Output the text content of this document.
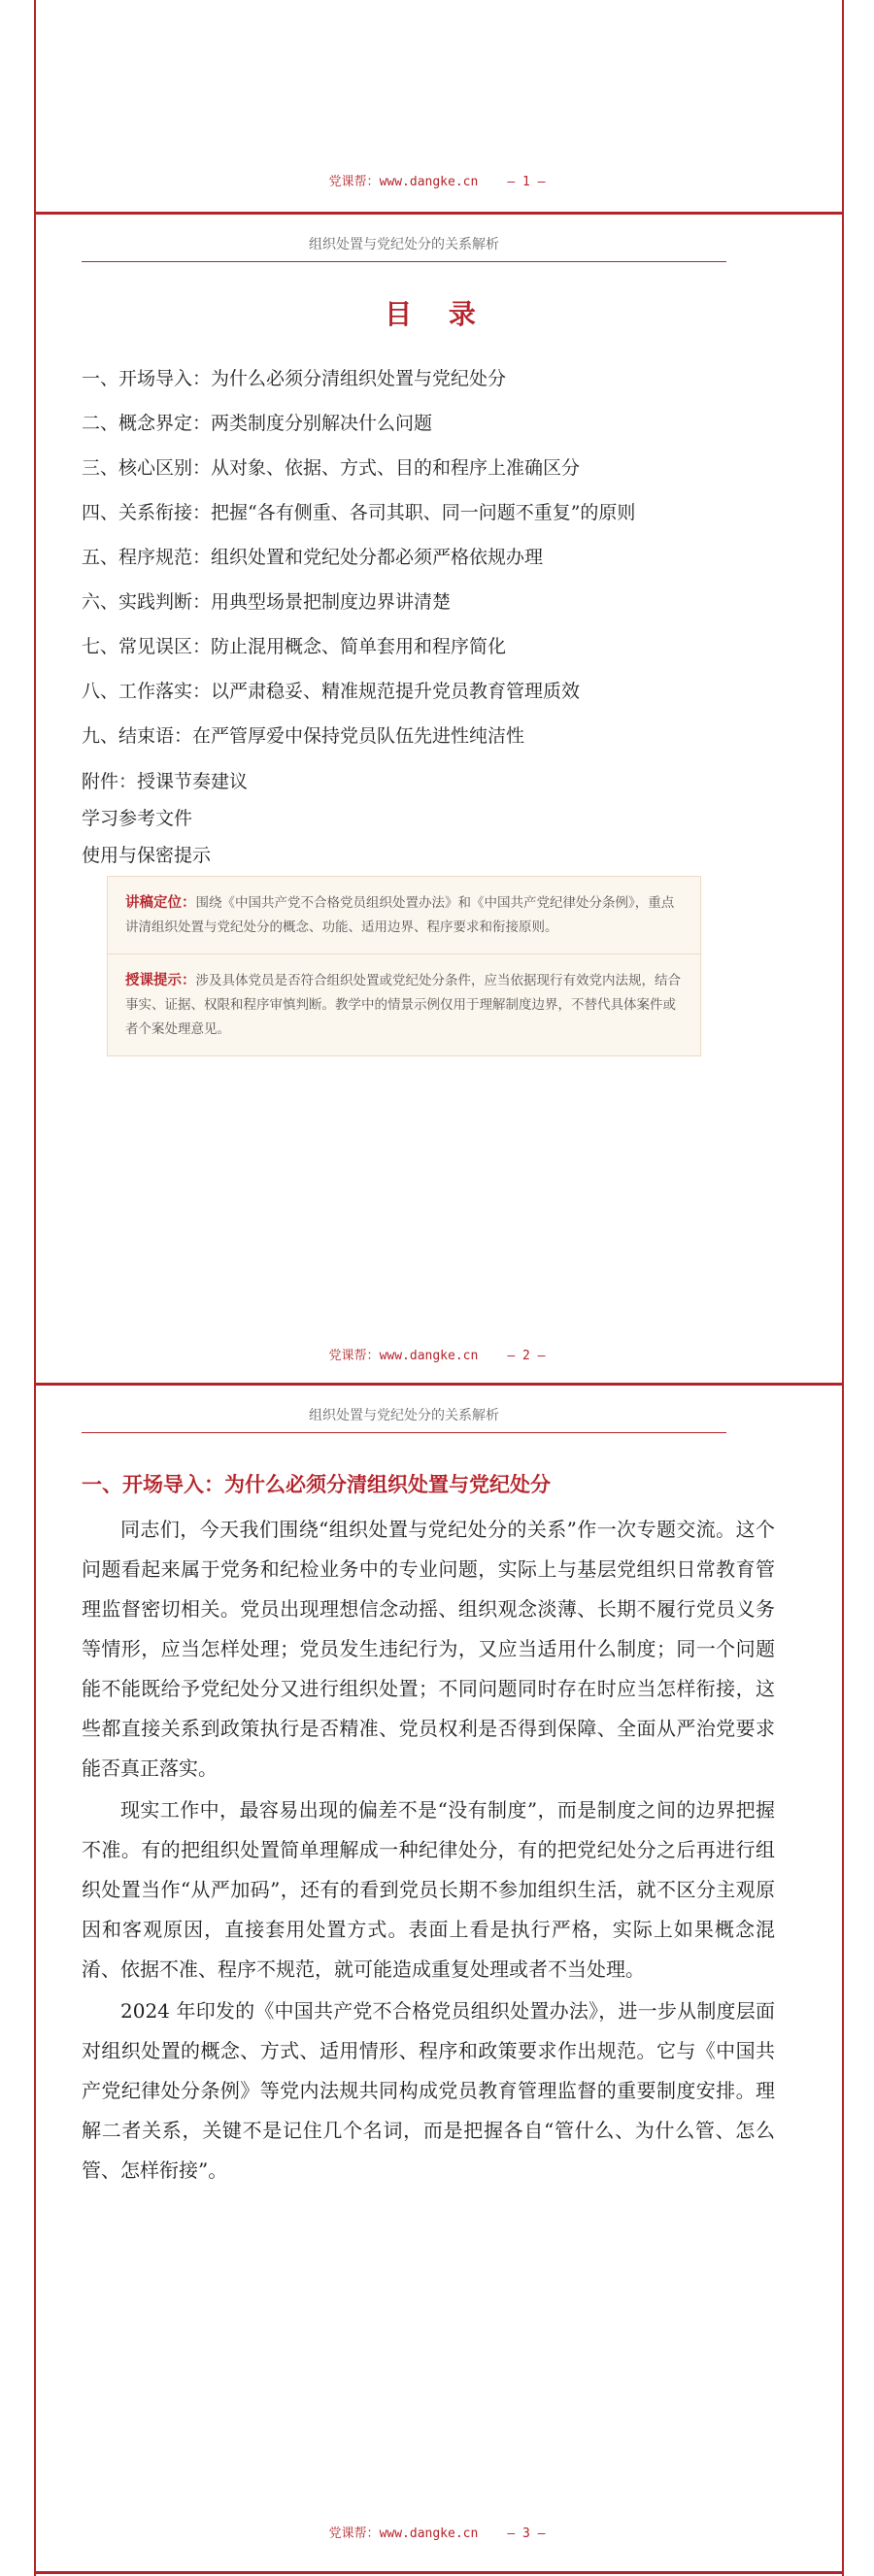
党课帮：www.dangke.cn — 1 —
组织处置与党纪处分的关系解析
目 录
一、开场导入：为什么必须分清组织处置与党纪处分
二、概念界定：两类制度分别解决什么问题
三、核心区别：从对象、依据、方式、目的和程序上准确区分
四、关系衔接：把握“各有侧重、各司其职、同一问题不重复”的原则
五、程序规范：组织处置和党纪处分都必须严格依规办理
六、实践判断：用典型场景把制度边界讲清楚
七、常见误区：防止混用概念、简单套用和程序简化
八、工作落实：以严肃稳妥、精准规范提升党员教育管理质效
九、结束语：在严管厚爱中保持党员队伍先进性纯洁性
附件：授课节奏建议
学习参考文件
使用与保密提示
讲稿定位：围绕《中国共产党不合格党员组织处置办法》和《中国共产党纪律处分条例》，重点讲清组织处置与党纪处分的概念、功能、适用边界、程序要求和衔接原则。
授课提示：涉及具体党员是否符合组织处置或党纪处分条件，应当依据现行有效党内法规，结合事实、证据、权限和程序审慎判断。教学中的情景示例仅用于理解制度边界，不替代具体案件或者个案处理意见。
党课帮：www.dangke.cn — 2 —
组织处置与党纪处分的关系解析
一、开场导入：为什么必须分清组织处置与党纪处分

同志们，今天我们围绕“组织处置与党纪处分的关系”作一次专题交流。这个问题看起来属于党务和纪检业务中的专业问题，实际上与基层党组织日常教育管理监督密切相关。党员出现理想信念动摇、组织观念淡薄、长期不履行党员义务等情形，应当怎样处理；党员发生违纪行为，又应当适用什么制度；同一个问题能不能既给予党纪处分又进行组织处置；不同问题同时存在时应当怎样衔接，这些都直接关系到政策执行是否精准、党员权利是否得到保障、全面从严治党要求能否真正落实。

现实工作中，最容易出现的偏差不是“没有制度”，而是制度之间的边界把握不准。有的把组织处置简单理解成一种纪律处分，有的把党纪处分之后再进行组织处置当作“从严加码”，还有的看到党员长期不参加组织生活，就不区分主观原因和客观原因，直接套用处置方式。表面上看是执行严格，实际上如果概念混淆、依据不准、程序不规范，就可能造成重复处理或者不当处理。

2024 年印发的《中国共产党不合格党员组织处置办法》，进一步从制度层面对组织处置的概念、方式、适用情形、程序和政策要求作出规范。它与《中国共产党纪律处分条例》等党内法规共同构成党员教育管理监督的重要制度安排。理解二者关系，关键不是记住几个名词，而是把握各自“管什么、为什么管、怎么管、怎样衔接”。

党课帮：www.dangke.cn — 3 —
